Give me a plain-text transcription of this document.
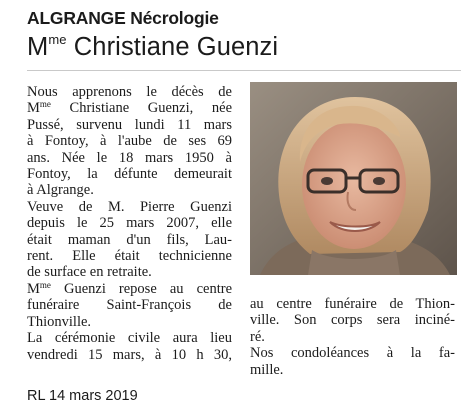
ALGRANGE Nécrologie
$M^{me}$ Christiane Guenzi
Nous apprenons le décès de
$M^{me}$ Christiane Guenzi, née
Pussé, survenu lundi 11 mars
à Fontoy, à l'aube de ses 69
ans. Née le 18 mars 1950 à
Fontoy, la défunte demeurait
à Algrange.
Veuve de M. Pierre Guenzi
depuis le 25 mars 2007, elle
était maman d'un fils, Lau-
rent. Elle était technicienne
de surface en retraite.
$M^{me}$ Guenzi repose au centre
funéraire Saint-François de
Thionville.
La cérémonie civile aura lieu
vendredi 15 mars, à 10 h 30,
au centre funéraire de Thion-
ville. Son corps sera inciné-
ré.
Nos condoléances à la fa-
mille.
RL 14 mars 2019
